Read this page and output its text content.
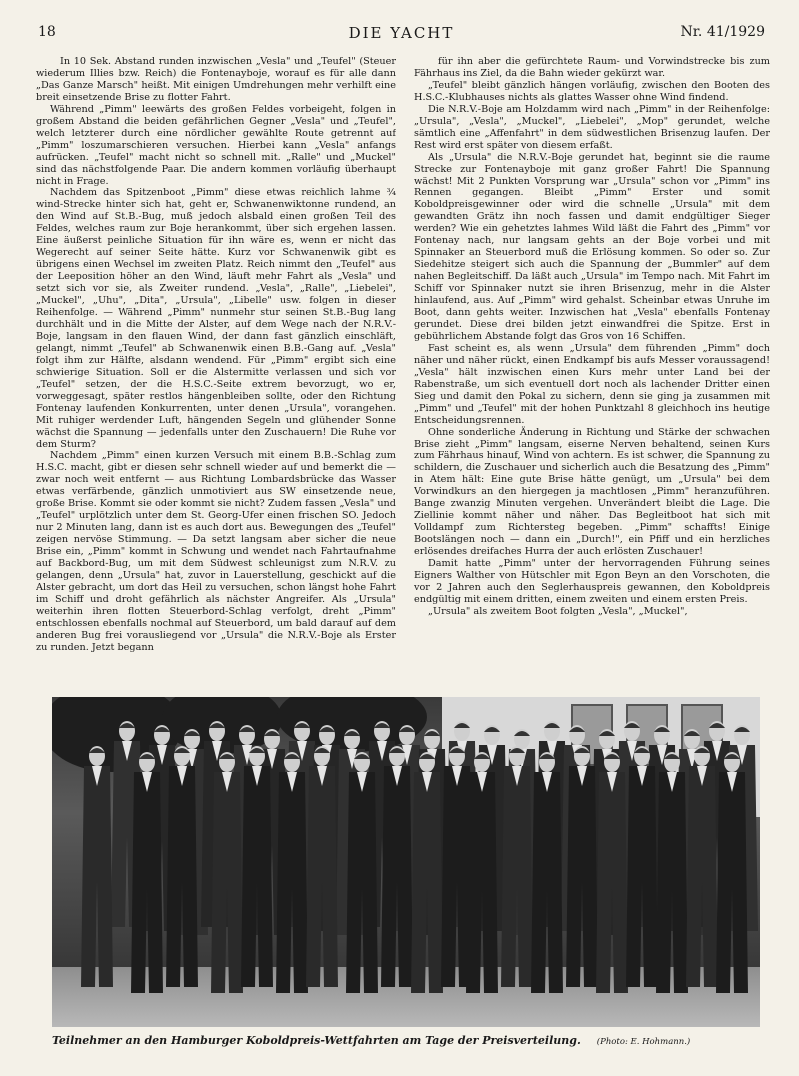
18	DIE YACHT	Nr. 41/1929

In 10 Sek. Abstand runden inzwischen „Vesla" und „Teufel" (Steuer wiederum Illies bzw. Reich) die Fontenayboje, worauf es für alle dann „Das Ganze Marsch" heißt. Mit einigen Umdrehungen mehr verhilft eine breit einsetzende Brise zu flotter Fahrt.

Während „Pimm" leewärts des großen Feldes vorbeigeht, folgen in großem Abstand die beiden gefährlichen Gegner „Vesla" und „Teufel", welch letzterer durch eine nördlicher gewählte Route getrennt auf „Pimm" loszumarschieren versuchen. Hierbei kann „Vesla" anfangs aufrücken. „Teufel" macht nicht so schnell mit. „Ralle" und „Muckel" sind das nächstfolgende Paar. Die andern kommen vorläufig überhaupt nicht in Frage.

Nachdem das Spitzenboot „Pimm" diese etwas reichlich lahme ¾ wind-Strecke hinter sich hat, geht er, Schwanenwiktonne rundend, an den Wind auf St.B.-Bug, muß jedoch alsbald einen großen Teil des Feldes, welches raum zur Boje herankommt, über sich ergehen lassen. Eine äußerst peinliche Situation für ihn wäre es, wenn er nicht das Wegerecht auf seiner Seite hätte. Kurz vor Schwanenwik gibt es übrigens einen Wechsel im zweiten Platz. Reich nimmt den „Teufel" aus der Leeposition höher an den Wind, läuft mehr Fahrt als „Vesla" und setzt sich vor sie, als Zweiter rundend. „Vesla", „Ralle", „Liebelei", „Muckel", „Uhu", „Dita", „Ursula", „Libelle" usw. folgen in dieser Reihenfolge. — Während „Pimm" nunmehr stur seinen St.B.-Bug lang durchhält und in die Mitte der Alster, auf dem Wege nach der N.R.V.-Boje, langsam in den flauen Wind, der dann fast gänzlich einschläft, gelangt, nimmt „Teufel" ab Schwanenwik einen B.B.-Gang auf. „Vesla" folgt ihm zur Hälfte, alsdann wendend. Für „Pimm" ergibt sich eine schwierige Situation. Soll er die Alstermitte verlassen und sich vor „Teufel" setzen, der die H.S.C.-Seite extrem bevorzugt, wo er, vorweggesagt, später restlos hängenbleiben sollte, oder den Richtung Fontenay laufenden Konkurrenten, unter denen „Ursula", vorangehen. Mit ruhiger werdender Luft, hängenden Segeln und glühender Sonne wächst die Spannung — jedenfalls unter den Zuschauern! Die Ruhe vor dem Sturm?

Nachdem „Pimm" einen kurzen Versuch mit einem B.B.-Schlag zum H.S.C. macht, gibt er diesen sehr schnell wieder auf und bemerkt die — zwar noch weit entfernt — aus Richtung Lombardsbrücke das Wasser etwas verfärbende, gänzlich unmotiviert aus SW einsetzende neue, große Brise. Kommt sie oder kommt sie nicht? Zudem fassen „Vesla" und „Teufel" urplötzlich unter dem St. Georg-Ufer einen frischen SO. Jedoch nur 2 Minuten lang, dann ist es auch dort aus. Bewegungen des „Teufel" zeigen nervöse Stimmung. — Da setzt langsam aber sicher die neue Brise ein, „Pimm" kommt in Schwung und wendet nach Fahrtaufnahme auf Backbord-Bug, um mit dem Südwest schleunigst zum N.R.V. zu gelangen, denn „Ursula" hat, zuvor in Lauerstellung, geschickt auf die Alster gebracht, um dort das Heil zu versuchen, schon längst hohe Fahrt im Schiff und droht gefährlich als nächster Angreifer. Als „Ursula" weiterhin ihren flotten Steuerbord-Schlag verfolgt, dreht „Pimm" entschlossen ebenfalls nochmal auf Steuerbord, um bald darauf auf dem anderen Bug frei vorausliegend vor „Ursula" die N.R.V.-Boje als Erster zu runden. Jetzt begann

für ihn aber die gefürchtete Raum- und Vorwindstrecke bis zum Fährhaus ins Ziel, da die Bahn wieder gekürzt war.

„Teufel" bleibt gänzlich hängen vorläufig, zwischen den Booten des H.S.C.-Klubhauses nichts als glattes Wasser ohne Wind findend.

Die N.R.V.-Boje am Holzdamm wird nach „Pimm" in der Reihenfolge: „Ursula", „Vesla", „Muckel", „Liebelei", „Mop" gerundet, welche sämtlich eine „Affenfahrt" in dem südwestlichen Brisenzug laufen. Der Rest wird erst später von diesem erfaßt.

Als „Ursula" die N.R.V.-Boje gerundet hat, beginnt sie die raume Strecke zur Fontenayboje mit ganz großer Fahrt! Die Spannung wächst! Mit 2 Punkten Vorsprung war „Ursula" schon vor „Pimm" ins Rennen gegangen. Bleibt „Pimm" Erster und somit Koboldpreisgewinner oder wird die schnelle „Ursula" mit dem gewandten Grätz ihn noch fassen und damit endgültiger Sieger werden? Wie ein gehetztes lahmes Wild läßt die Fahrt des „Pimm" vor Fontenay nach, nur langsam gehts an der Boje vorbei und mit Spinnaker an Steuerbord muß die Erlösung kommen. So oder so. Zur Siedehitze steigert sich auch die Spannung der „Bummler" auf dem nahen Begleitschiff. Da läßt auch „Ursula" im Tempo nach. Mit Fahrt im Schiff vor Spinnaker nutzt sie ihren Brisenzug, mehr in die Alster hinlaufend, aus. Auf „Pimm" wird gehalst. Scheinbar etwas Unruhe im Boot, dann gehts weiter. Inzwischen hat „Vesla" ebenfalls Fontenay gerundet. Diese drei bilden jetzt einwandfrei die Spitze. Erst in gebührlichem Abstande folgt das Gros von 16 Schiffen.

Fast scheint es, als wenn „Ursula" dem führenden „Pimm" doch näher und näher rückt, einen Endkampf bis aufs Messer voraussagend! „Vesla" hält inzwischen einen Kurs mehr unter Land bei der Rabenstraße, um sich eventuell dort noch als lachender Dritter einen Sieg und damit den Pokal zu sichern, denn sie ging ja zusammen mit „Pimm" und „Teufel" mit der hohen Punktzahl 8 gleichhoch ins heutige Entscheidungsrennen.

Ohne sonderliche Änderung in Richtung und Stärke der schwachen Brise zieht „Pimm" langsam, eiserne Nerven behaltend, seinen Kurs zum Fährhaus hinauf, Wind von achtern. Es ist schwer, die Spannung zu schildern, die Zuschauer und sicherlich auch die Besatzung des „Pimm" in Atem hält: Eine gute Brise hätte genügt, um „Ursula" bei dem Vorwindkurs an den hiergegen ja machtlosen „Pimm" heranzuführen. Bange zwanzig Minuten vergehen. Unverändert bleibt die Lage. Die Ziellinie kommt näher und näher. Das Begleitboot hat sich mit Volldampf zum Richtersteg begeben. „Pimm" schaffts! Einige Bootslängen noch — dann ein „Durch!", ein Pfiff und ein herzliches erlösendes dreifaches Hurra der auch erlösten Zuschauer!

Damit hatte „Pimm" unter der hervorragenden Führung seines Eigners Walther von Hütschler mit Egon Beyn an den Vorschoten, die vor 2 Jahren auch den Seglerhauspreis gewannen, den Koboldpreis endgültig mit einem dritten, einem zweiten und einem ersten Preis.

„Ursula" als zweitem Boot folgten „Vesla", „Muckel",

Teilnehmer an den Hamburger Koboldpreis-Wettfahrten am Tage der Preisverteilung. (Photo: E. Hohmann.)
